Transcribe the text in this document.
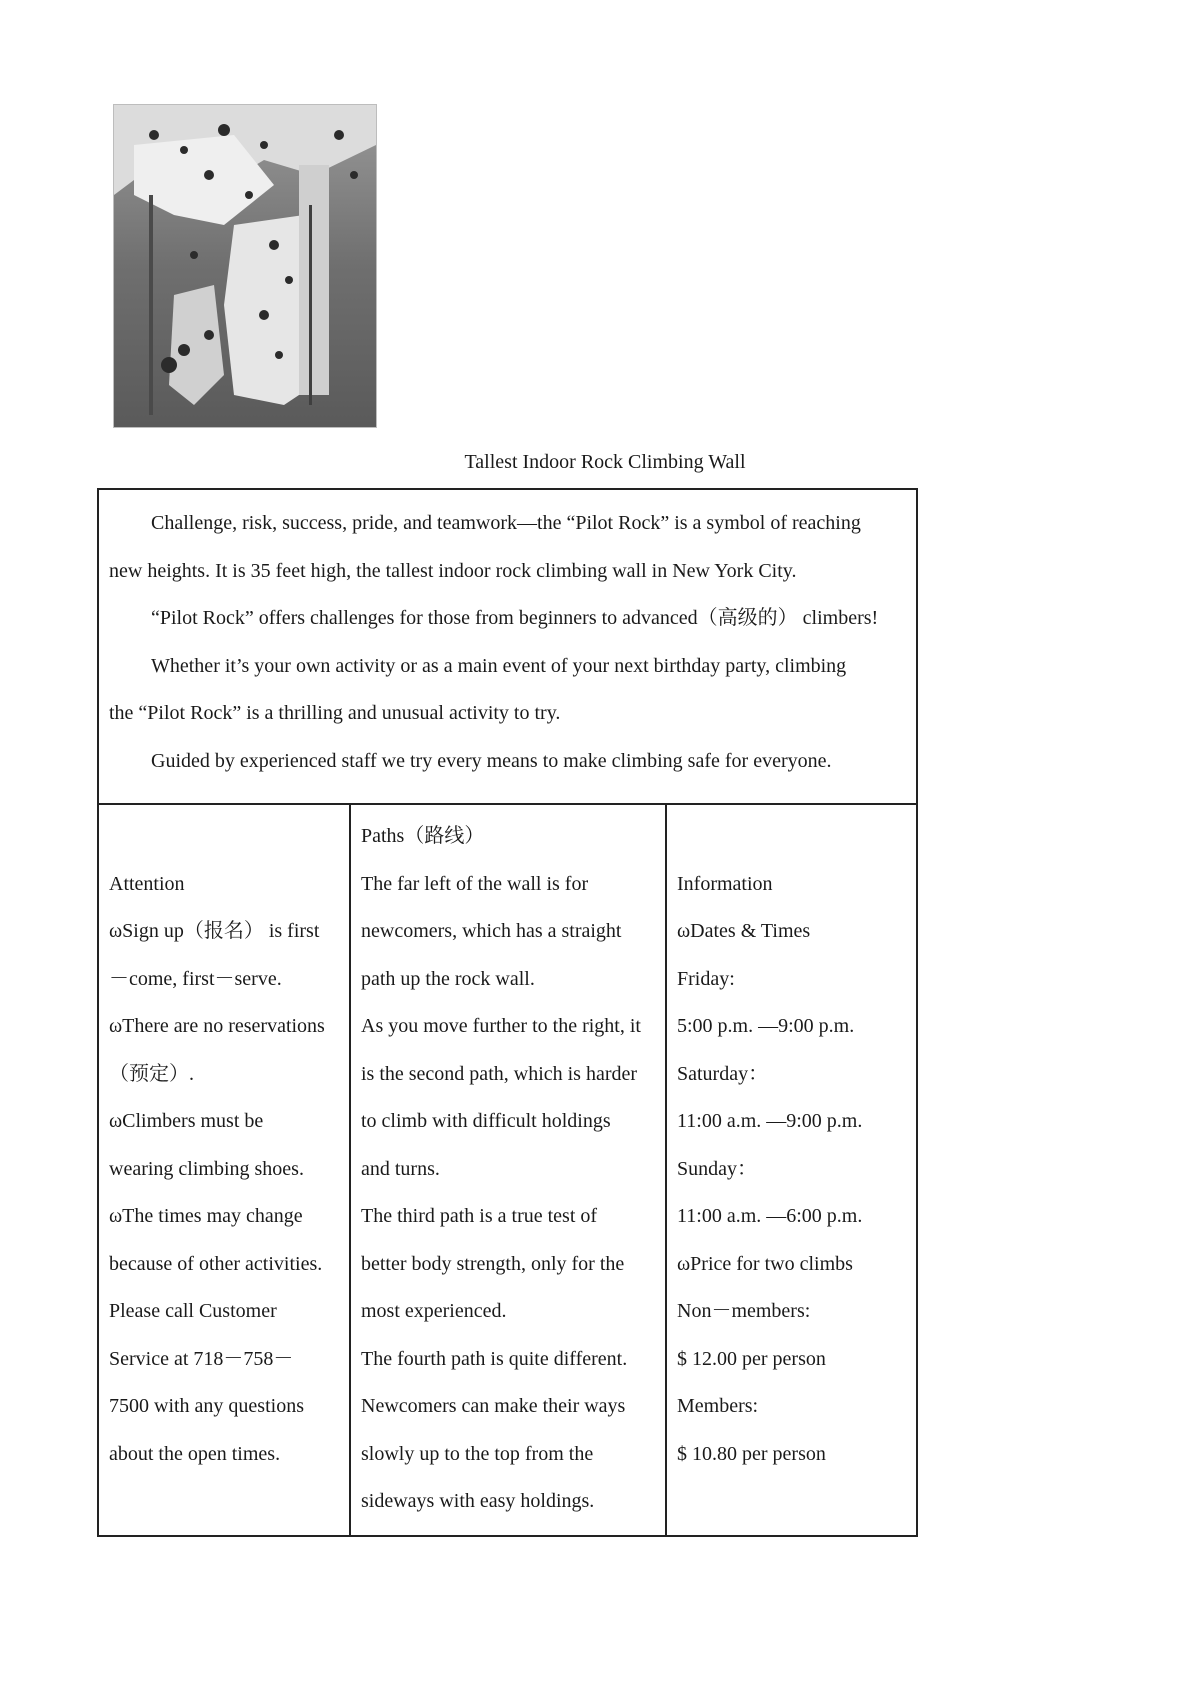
Tallest Indoor Rock Climbing Wall

Challenge, risk, success, pride, and teamwork—the “Pilot Rock” is a symbol of reaching

new heights. It is 35 feet high, the tallest indoor rock climbing wall in New York City.

“Pilot Rock” offers challenges for those from beginners to advanced（高级的） climbers!

Whether it’s your own activity or as a main event of your next birthday party, climbing

the “Pilot Rock” is a thrilling and unusual activity to try.

Guided by experienced staff we try every means to make climbing safe for everyone.

Attention
ωSign up（报名） is first
－come, first－serve.
ωThere are no reservations
（预定）.
ωClimbers must be
wearing climbing shoes.
ωThe times may change
because of other activities.
Please call Customer
Service at 718－758－
7500 with any questions
about the open times.
Paths（路线）
The far left of the wall is for
newcomers, which has a straight
path up the rock wall.
As you move further to the right, it
is the second path, which is harder
to climb with difficult holdings
and turns.
The third path is a true test of
better body strength, only for the
most experienced.
The fourth path is quite different.
Newcomers can make their ways
slowly up to the top from the
sideways with easy holdings.
Information
ωDates & Times
Friday:
5:00 p.m. —9:00 p.m.
Saturday：
11:00 a.m. —9:00 p.m.
Sunday：
11:00 a.m. —6:00 p.m.
ωPrice for two climbs
Non－members:
$ 12.00 per person
Members:
$ 10.80 per person
